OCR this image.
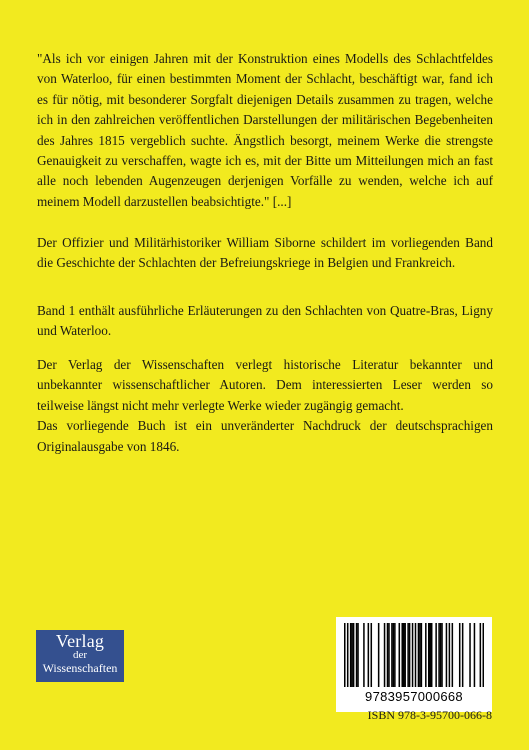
"Als ich vor einigen Jahren mit der Konstruktion eines Modells des Schlachtfeldes von Waterloo, für einen bestimmten Moment der Schlacht, beschäftigt war, fand ich es für nötig, mit besonderer Sorgfalt diejenigen Details zusammen zu tragen, welche ich in den zahlreichen veröffentlichen Darstellungen der militärischen Begebenheiten des Jahres 1815 vergeblich suchte. Ängstlich besorgt, meinem Werke die strengste Genauigkeit zu verschaffen, wagte ich es, mit der Bitte um Mitteilungen mich an fast alle noch lebenden Augenzeugen derjenigen Vorfälle zu wenden, welche ich auf meinem Modell darzustellen beabsichtigte." [...]

Der Offizier und Militärhistoriker William Siborne schildert im vorliegenden Band die Geschichte der Schlachten der Befreiungskriege in Belgien und Frankreich.

Band 1 enthält ausführliche Erläuterungen zu den Schlachten von Quatre-Bras, Ligny und Waterloo.

Der Verlag der Wissenschaften verlegt historische Literatur bekannter und unbekannter wissenschaftlicher Autoren. Dem interessierten Leser werden so teilweise längst nicht mehr verlegte Werke wieder zugängig gemacht.
Das vorliegende Buch ist ein unveränderter Nachdruck der deutschsprachigen Originalausgabe von 1846.
Verlag
der
Wissenschaften
9783957000668
ISBN 978-3-95700-066-8
